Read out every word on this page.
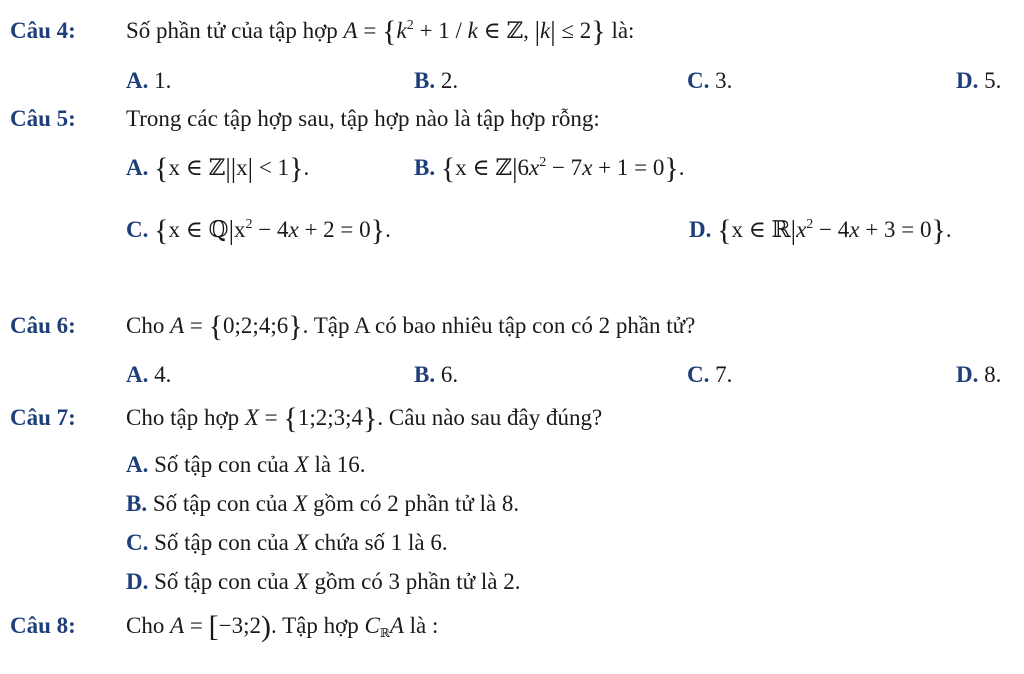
Câu 4: Số phần tử của tập hợp $A = \{k^2 + 1 / k$ ∈ ℤ, |k| ≤ 2} là:
A. 1.	B. 2.	C. 3.	D. 5.
Câu 5: Trong các tập hợp sau, tập hợp nào là tập hợp rỗng:
A. {x ∈ ℤ||x| < 1}.	B. {x ∈ $ℤ|6x^2 - 7x + 1 = 0$}.
C. {x ∈ $ℚ|x^2 - 4x + 2 = 0$}.	D. {x ∈ $ℝ|x^2 - 4x + 3 = 0$}.
Câu 6: Cho A = {0;2;4;6}. Tập A có bao nhiêu tập con có 2 phần tử?
A. 4.	B. 6.	C. 7.	D. 8.
Câu 7: Cho tập hợp X = {1;2;3;4}. Câu nào sau đây đúng?
A. Số tập con của X là 16.
B. Số tập con của X gồm có 2 phần tử là 8.
C. Số tập con của X chứa số 1 là 6.
D. Số tập con của X gồm có 3 phần tử là 2.
Câu 8: Cho A = [−3;2). Tập hợp $C_ℝA$ là :
